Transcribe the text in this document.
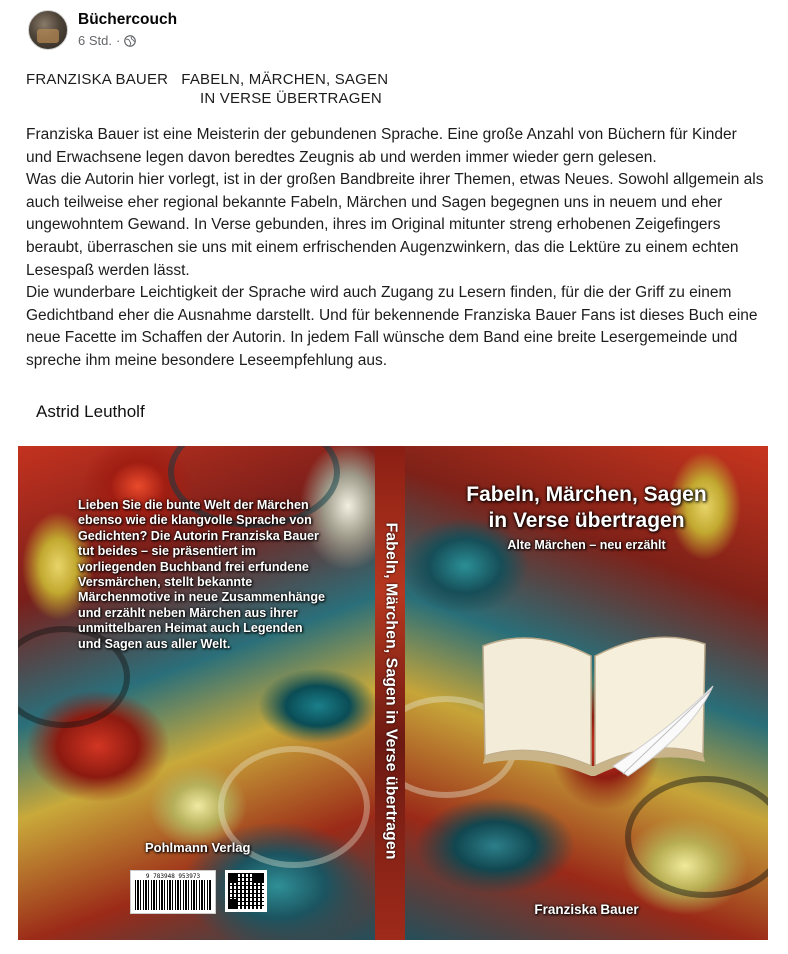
Büchercouch
6 Std. ·
FRANZISKA BAUER   FABELN, MÄRCHEN, SAGEN
IN VERSE ÜBERTRAGEN

Franziska Bauer ist eine Meisterin der gebundenen Sprache. Eine große Anzahl von Büchern für Kinder und Erwachsene legen davon beredtes Zeugnis ab und werden immer wieder gern gelesen.

Was die Autorin hier vorlegt, ist in der großen Bandbreite ihrer Themen, etwas Neues. Sowohl allgemein als auch teilweise eher regional bekannte Fabeln, Märchen und Sagen begegnen uns in neuem und eher ungewohntem Gewand. In Verse gebunden, ihres im Original mitunter streng erhobenen Zeigefingers beraubt, überraschen sie uns mit einem erfrischenden Augenzwinkern, das die Lektüre zu einem echten Lesespaß werden lässt.

Die wunderbare Leichtigkeit der Sprache wird auch Zugang zu Lesern finden, für die der Griff zu einem Gedichtband eher die Ausnahme darstellt. Und für bekennende Franziska Bauer Fans ist dieses Buch eine neue Facette im Schaffen der Autorin. In jedem Fall wünsche dem Band eine breite Lesergemeinde und spreche ihm meine besondere Leseempfehlung aus.

Astrid Leutholf
Lieben Sie die bunte Welt der Märchen ebenso wie die klangvolle Sprache von Gedichten? Die Autorin Franziska Bauer tut beides – sie präsentiert im vorliegenden Buchband frei erfundene Versmärchen, stellt bekannte Märchenmotive in neue Zusammenhänge und erzählt neben Märchen aus ihrer unmittelbaren Heimat auch Legenden und Sagen aus aller Welt.
Pohlmann Verlag
9 783948 953973
Fabeln, Märchen, Sagen in Verse übertragen
Fabeln, Märchen, Sagen
in Verse übertragen
Alte Märchen – neu erzählt
Franziska Bauer
